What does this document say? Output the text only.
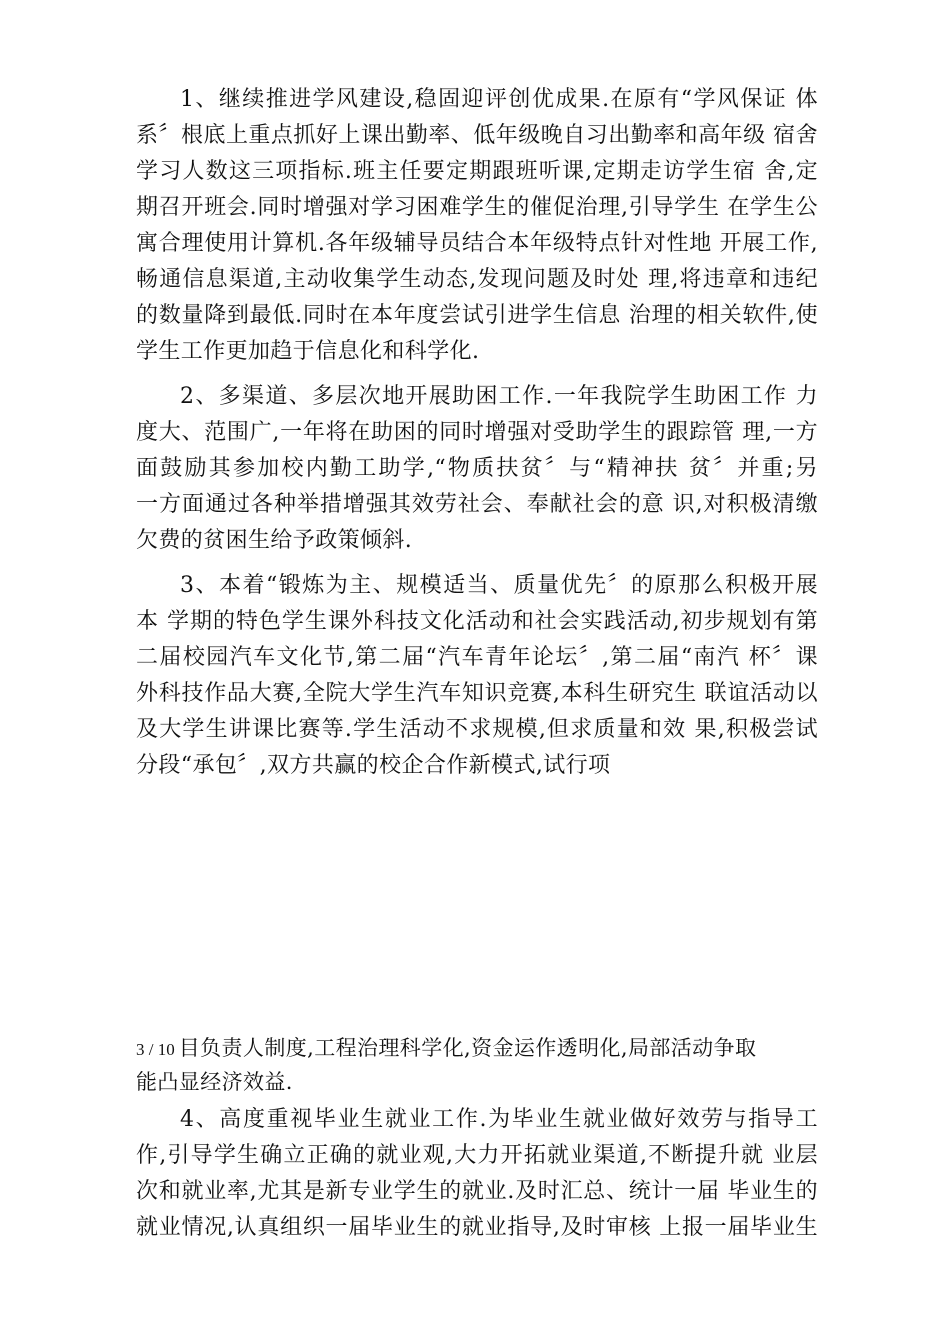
1、继续推进学风建设,稳固迎评创优成果.在原有“学风保证 体
系〞根底上重点抓好上课出勤率、低年级晚自习出勤率和高年级 宿舍
学习人数这三项指标.班主任要定期跟班听课,定期走访学生宿 舍,定
期召开班会.同时增强对学习困难学生的催促治理,引导学生 在学生公
寓合理使用计算机.各年级辅导员结合本年级特点针对性地 开展工作,
畅通信息渠道,主动收集学生动态,发现问题及时处 理,将违章和违纪
的数量降到最低.同时在本年度尝试引进学生信息 治理的相关软件,使
学生工作更加趋于信息化和科学化.
2、多渠道、多层次地开展助困工作.一年我院学生助困工作 力
度大、范围广,一年将在助困的同时增强对受助学生的跟踪管 理,一方
面鼓励其参加校内勤工助学,“物质扶贫〞与“精神扶 贫〞并重;另
一方面通过各种举措增强其效劳社会、奉献社会的意 识,对积极清缴
欠费的贫困生给予政策倾斜.
3、本着“锻炼为主、规模适当、质量优先〞的原那么积极开展
本 学期的特色学生课外科技文化活动和社会实践活动,初步规划有第
二届校园汽车文化节,第二届“汽车青年论坛〞,第二届“南汽 杯〞课
外科技作品大赛,全院大学生汽车知识竞赛,本科生研究生 联谊活动以
及大学生讲课比赛等.学生活动不求规模,但求质量和效 果,积极尝试
分段“承包〞,双方共赢的校企合作新模式,试行项
3 / 10 目负责人制度,工程治理科学化,资金运作透明化,局部活动争取
能凸显经济效益.
4、高度重视毕业生就业工作.为毕业生就业做好效劳与指导工
作,引导学生确立正确的就业观,大力开拓就业渠道,不断提升就 业层
次和就业率,尤其是新专业学生的就业.及时汇总、统计一届 毕业生的
就业情况,认真组织一届毕业生的就业指导,及时审核 上报一届毕业生
